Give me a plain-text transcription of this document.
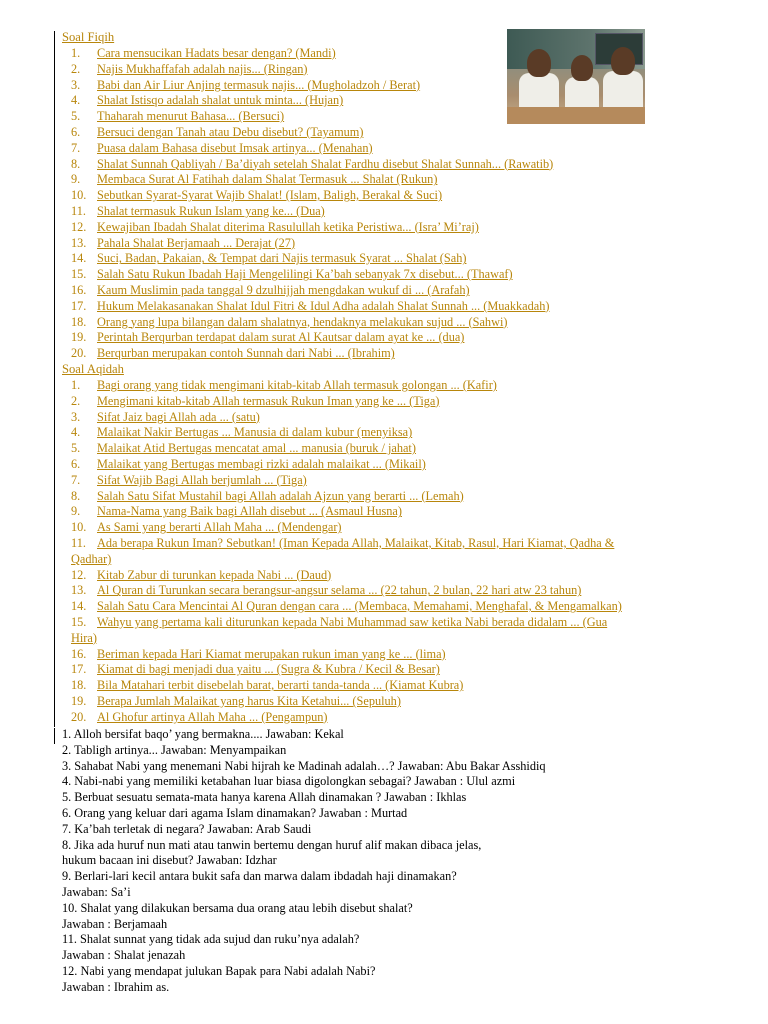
Soal Fiqih
1. Cara mensucikan Hadats besar dengan? (Mandi)
2. Najis Mukhaffafah adalah najis... (Ringan)
3. Babi dan Air Liur Anjing termasuk najis... (Mugholadzoh / Berat)
4. Shalat Istisqo adalah shalat untuk minta... (Hujan)
5. Thaharah menurut Bahasa... (Bersuci)
6. Bersuci dengan Tanah atau Debu disebut? (Tayamum)
7. Puasa dalam Bahasa disebut Imsak artinya... (Menahan)
8. Shalat Sunnah Qabliyah / Ba’diyah setelah Shalat Fardhu disebut Shalat Sunnah... (Rawatib)
9. Membaca Surat Al Fatihah dalam Shalat Termasuk ... Shalat (Rukun)
10. Sebutkan Syarat-Syarat Wajib Shalat! (Islam, Baligh, Berakal & Suci)
11. Shalat termasuk Rukun Islam yang ke... (Dua)
12. Kewajiban Ibadah Shalat diterima Rasulullah ketika Peristiwa... (Isra’ Mi’raj)
13. Pahala Shalat Berjamaah ... Derajat (27)
14. Suci, Badan, Pakaian, & Tempat dari Najis termasuk Syarat ... Shalat (Sah)
15. Salah Satu Rukun Ibadah Haji Mengelilingi Ka’bah sebanyak 7x disebut... (Thawaf)
16. Kaum Muslimin pada tanggal 9 dzulhijjah mengdakan wukuf di ... (Arafah)
17. Hukum Melakasanakan Shalat Idul Fitri & Idul Adha adalah Shalat Sunnah ... (Muakkadah)
18. Orang yang lupa bilangan dalam shalatnya, hendaknya melakukan sujud ... (Sahwi)
19. Perintah Berqurban terdapat dalam surat Al Kautsar dalam ayat ke ... (dua)
20. Berqurban merupakan contoh Sunnah dari Nabi ... (Ibrahim)
Soal Aqidah
1. Bagi orang yang tidak mengimani kitab-kitab Allah termasuk golongan ... (Kafir)
2. Mengimani kitab-kitab Allah termasuk Rukun Iman yang ke ... (Tiga)
3. Sifat Jaiz bagi Allah ada ... (satu)
4. Malaikat Nakir Bertugas ... Manusia di dalam kubur (menyiksa)
5. Malaikat Atid Bertugas mencatat amal ... manusia (buruk / jahat)
6. Malaikat yang Bertugas membagi rizki adalah malaikat ... (Mikail)
7. Sifat Wajib Bagi Allah berjumlah ... (Tiga)
8. Salah Satu Sifat Mustahil bagi Allah adalah Ajzun yang berarti ... (Lemah)
9. Nama-Nama yang Baik bagi Allah disebut ... (Asmaul Husna)
10. As Sami yang berarti Allah Maha ... (Mendengar)
11. Ada berapa Rukun Iman? Sebutkan! (Iman Kepada Allah, Malaikat, Kitab, Rasul, Hari Kiamat, Qadha &
Qadhar)
12. Kitab Zabur di turunkan kepada Nabi ... (Daud)
13. Al Quran di Turunkan secara berangsur-angsur selama ... (22 tahun, 2 bulan, 22 hari atw 23 tahun)
14. Salah Satu Cara Mencintai Al Quran dengan cara ... (Membaca, Memahami, Menghafal, & Mengamalkan)
15. Wahyu yang pertama kali diturunkan kepada Nabi Muhammad saw ketika Nabi berada didalam ... (Gua
Hira)
16. Beriman kepada Hari Kiamat merupakan rukun iman yang ke ... (lima)
17. Kiamat di bagi menjadi dua yaitu ... (Sugra & Kubra / Kecil & Besar)
18. Bila Matahari terbit disebelah barat, berarti tanda-tanda ... (Kiamat Kubra)
19. Berapa Jumlah Malaikat yang harus Kita Ketahui... (Sepuluh)
20. Al Ghofur artinya Allah Maha ... (Pengampun)
1. Alloh bersifat baqo’ yang bermakna.... Jawaban: Kekal
2. Tabligh artinya... Jawaban: Menyampaikan
3. Sahabat Nabi yang menemani Nabi hijrah ke Madinah adalah…? Jawaban: Abu Bakar Asshidiq
4. Nabi-nabi yang memiliki ketabahan luar biasa digolongkan sebagai? Jawaban : Ulul azmi
5. Berbuat sesuatu semata-mata hanya karena Allah dinamakan ? Jawaban : Ikhlas
6. Orang yang keluar dari agama Islam dinamakan? Jawaban : Murtad
7. Ka’bah terletak di negara? Jawaban: Arab Saudi
8. Jika ada huruf nun mati atau tanwin bertemu dengan huruf alif makan dibaca jelas,
hukum bacaan ini disebut? Jawaban: Idzhar
9. Berlari-lari kecil antara bukit safa dan marwa dalam ibdadah haji dinamakan?
Jawaban: Sa’i
10. Shalat yang dilakukan bersama dua orang atau lebih disebut shalat?
Jawaban : Berjamaah
11. Shalat sunnat yang tidak ada sujud dan ruku’nya adalah?
Jawaban : Shalat jenazah
12. Nabi yang mendapat julukan Bapak para Nabi adalah Nabi?
Jawaban : Ibrahim as.
